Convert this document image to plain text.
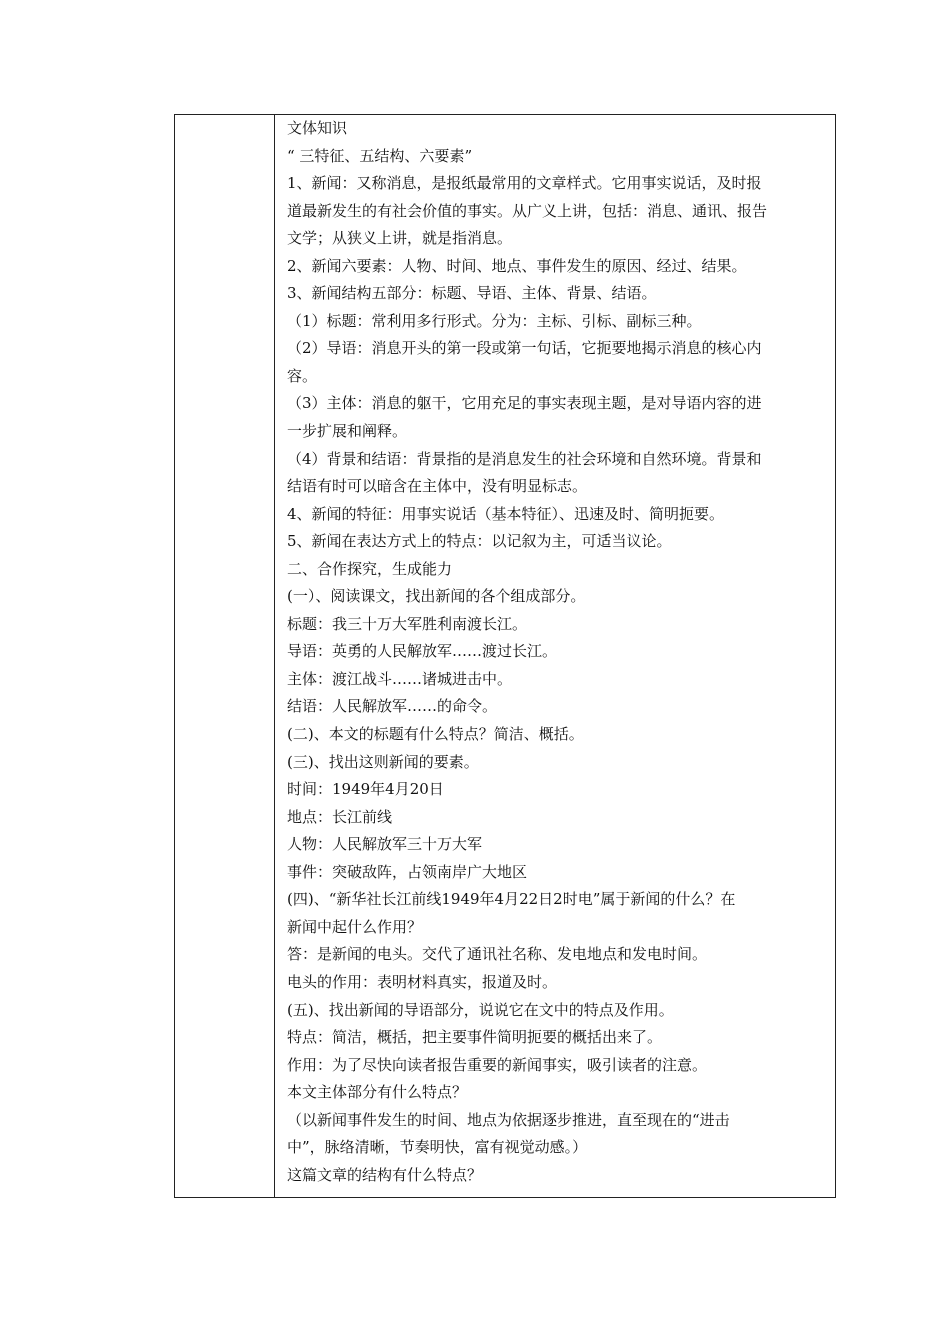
文体知识
“ 三特征、五结构、六要素”
1、新闻：又称消息，是报纸最常用的文章样式。它用事实说话，及时报
道最新发生的有社会价值的事实。从广义上讲，包括：消息、通讯、报告
文学；从狭义上讲，就是指消息。
2、新闻六要素：人物、时间、地点、事件发生的原因、经过、结果。
3、新闻结构五部分：标题、导语、主体、背景、结语。
（1）标题：常利用多行形式。分为：主标、引标、副标三种。
（2）导语：消息开头的第一段或第一句话，它扼要地揭示消息的核心内
容。
（3）主体：消息的躯干，它用充足的事实表现主题，是对导语内容的进
一步扩展和阐释。
（4）背景和结语：背景指的是消息发生的社会环境和自然环境。背景和
结语有时可以暗含在主体中，没有明显标志。
4、新闻的特征：用事实说话（基本特征）、迅速及时、简明扼要。
5、新闻在表达方式上的特点：以记叙为主，可适当议论。
二、合作探究，生成能力
(一）、阅读课文，找出新闻的各个组成部分。
标题：我三十万大军胜利南渡长江。
导语：英勇的人民解放军……渡过长江。
主体：渡江战斗……诸城进击中。
结语：人民解放军……的命令。
(二)、本文的标题有什么特点？简洁、概括。
(三)、找出这则新闻的要素。
时间：1949年4月20日
地点：长江前线
人物：人民解放军三十万大军
事件：突破敌阵，占领南岸广大地区
(四)、“新华社长江前线1949年4月22日2时电”属于新闻的什么？在
新闻中起什么作用？
答：是新闻的电头。交代了通讯社名称、发电地点和发电时间。
电头的作用：表明材料真实，报道及时。
(五)、找出新闻的导语部分，说说它在文中的特点及作用。
特点：简洁，概括，把主要事件简明扼要的概括出来了。
作用：为了尽快向读者报告重要的新闻事实，吸引读者的注意。
本文主体部分有什么特点？
（以新闻事件发生的时间、地点为依据逐步推进，直至现在的“进击
中”，脉络清晰，节奏明快，富有视觉动感。）
这篇文章的结构有什么特点？
